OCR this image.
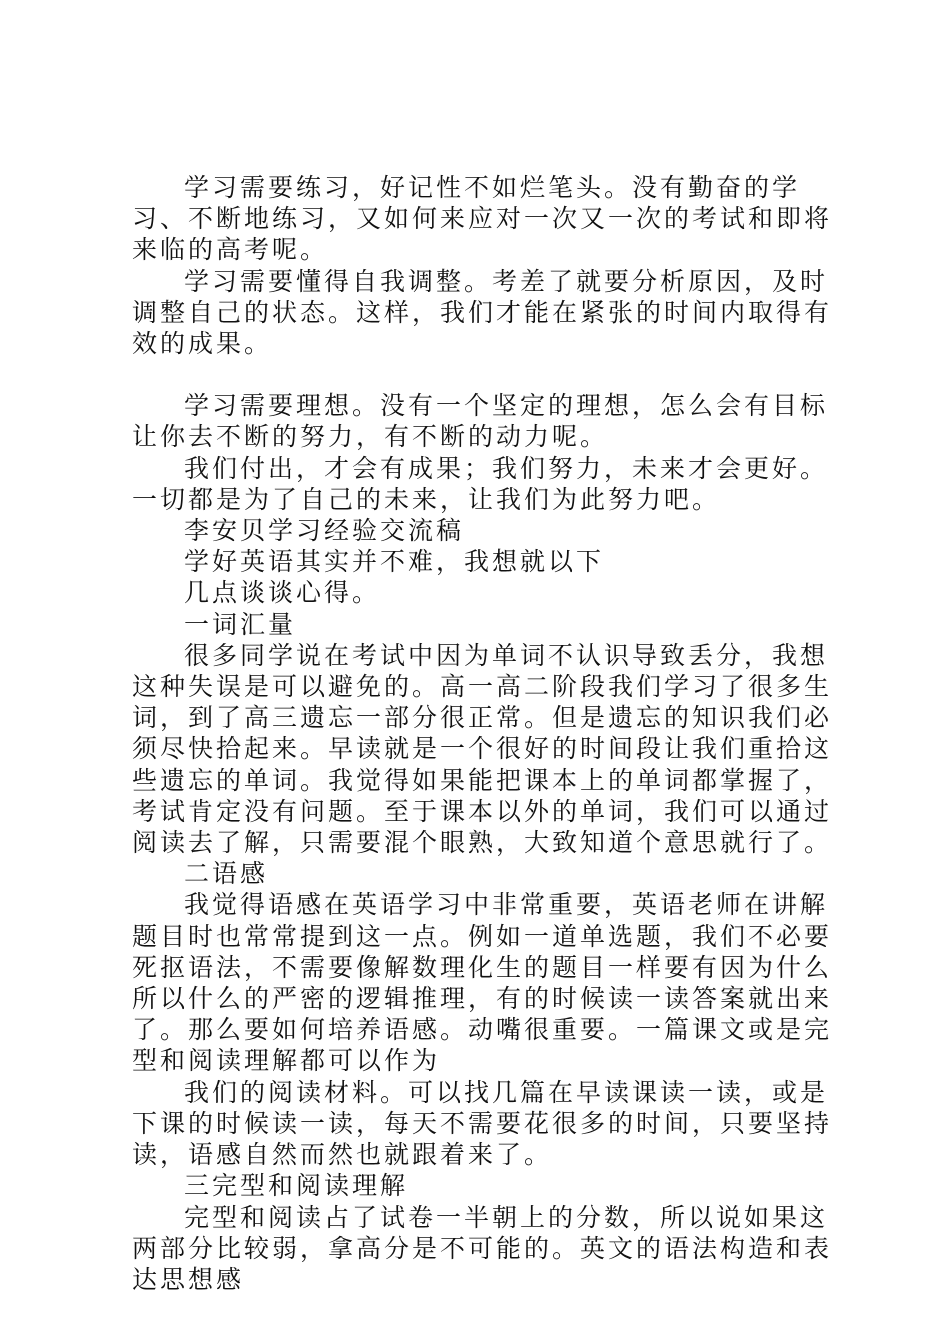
学习需要练习，好记性不如烂笔头。没有勤奋的学习、不断地练习，又如何来应对一次又一次的考试和即将来临的高考呢。

学习需要懂得自我调整。考差了就要分析原因，及时调整自己的状态。这样，我们才能在紧张的时间内取得有效的成果。

学习需要理想。没有一个坚定的理想，怎么会有目标让你去不断的努力，有不断的动力呢。

我们付出，才会有成果；我们努力，未来才会更好。一切都是为了自己的未来，让我们为此努力吧。

李安贝学习经验交流稿

学好英语其实并不难，我想就以下

几点谈谈心得。

一词汇量

很多同学说在考试中因为单词不认识导致丢分，我想这种失误是可以避免的。高一高二阶段我们学习了很多生词，到了高三遗忘一部分很正常。但是遗忘的知识我们必须尽快拾起来。早读就是一个很好的时间段让我们重拾这些遗忘的单词。我觉得如果能把课本上的单词都掌握了，考试肯定没有问题。至于课本以外的单词，我们可以通过阅读去了解，只需要混个眼熟，大致知道个意思就行了。

二语感

我觉得语感在英语学习中非常重要，英语老师在讲解题目时也常常提到这一点。例如一道单选题，我们不必要死抠语法，不需要像解数理化生的题目一样要有因为什么所以什么的严密的逻辑推理，有的时候读一读答案就出来了。那么要如何培养语感。动嘴很重要。一篇课文或是完型和阅读理解都可以作为

我们的阅读材料。可以找几篇在早读课读一读，或是下课的时候读一读，每天不需要花很多的时间，只要坚持读，语感自然而然也就跟着来了。

三完型和阅读理解

完型和阅读占了试卷一半朝上的分数，所以说如果这两部分比较弱，拿高分是不可能的。英文的语法构造和表达思想感
